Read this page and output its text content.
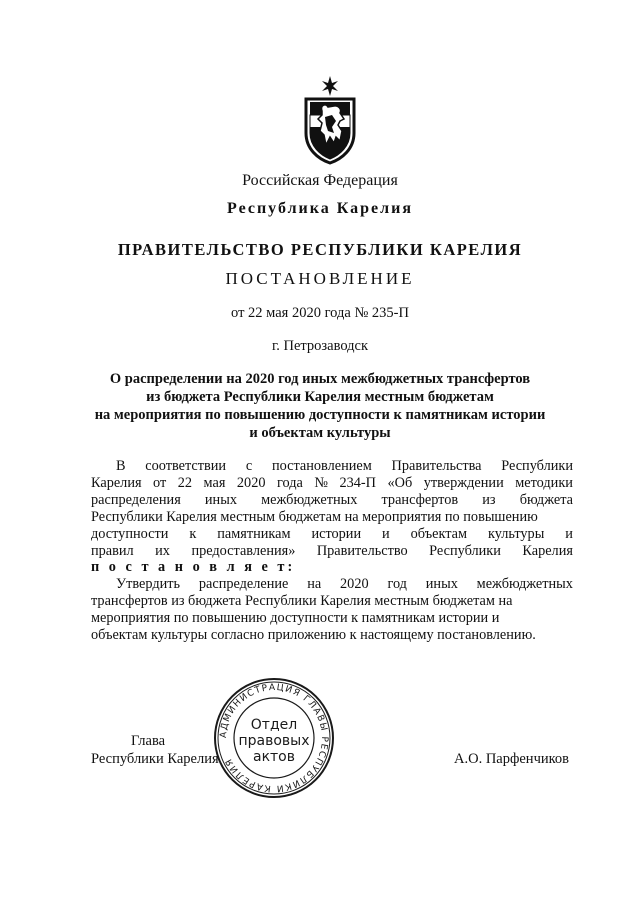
Российская Федерация
Республика Карелия
ПРАВИТЕЛЬСТВО РЕСПУБЛИКИ КАРЕЛИЯ
ПОСТАНОВЛЕНИЕ
от 22 мая 2020 года № 235-П
г. Петрозаводск
О распределении на 2020 год иных межбюджетных трансфертов
из бюджета Республики Карелия местным бюджетам
на мероприятия по повышению доступности к памятникам истории
и объектам культуры
В соответствии с постановлением Правительства Республики
Карелия от 22 мая 2020 года № 234-П «Об утверждении методики
распределения иных межбюджетных трансфертов из бюджета
Республики Карелия местным бюджетам на мероприятия по повышению
доступности к памятникам истории и объектам культуры и
правил их предоставления» Правительство Республики Карелия
п о с т а н о в л я е т:
Утвердить распределение на 2020 год иных межбюджетных
трансфертов из бюджета Республики Карелия местным бюджетам на
мероприятия по повышению доступности к памятникам истории и
объектам культуры согласно приложению к настоящему постановлению.
Глава
Республики Карелия	А.О. Парфенчиков
АДМИНИСТРАЦИЯ ГЛАВЫ РЕСПУБЛИКИ КАРЕЛИЯ
Отдел
правовых
актов
